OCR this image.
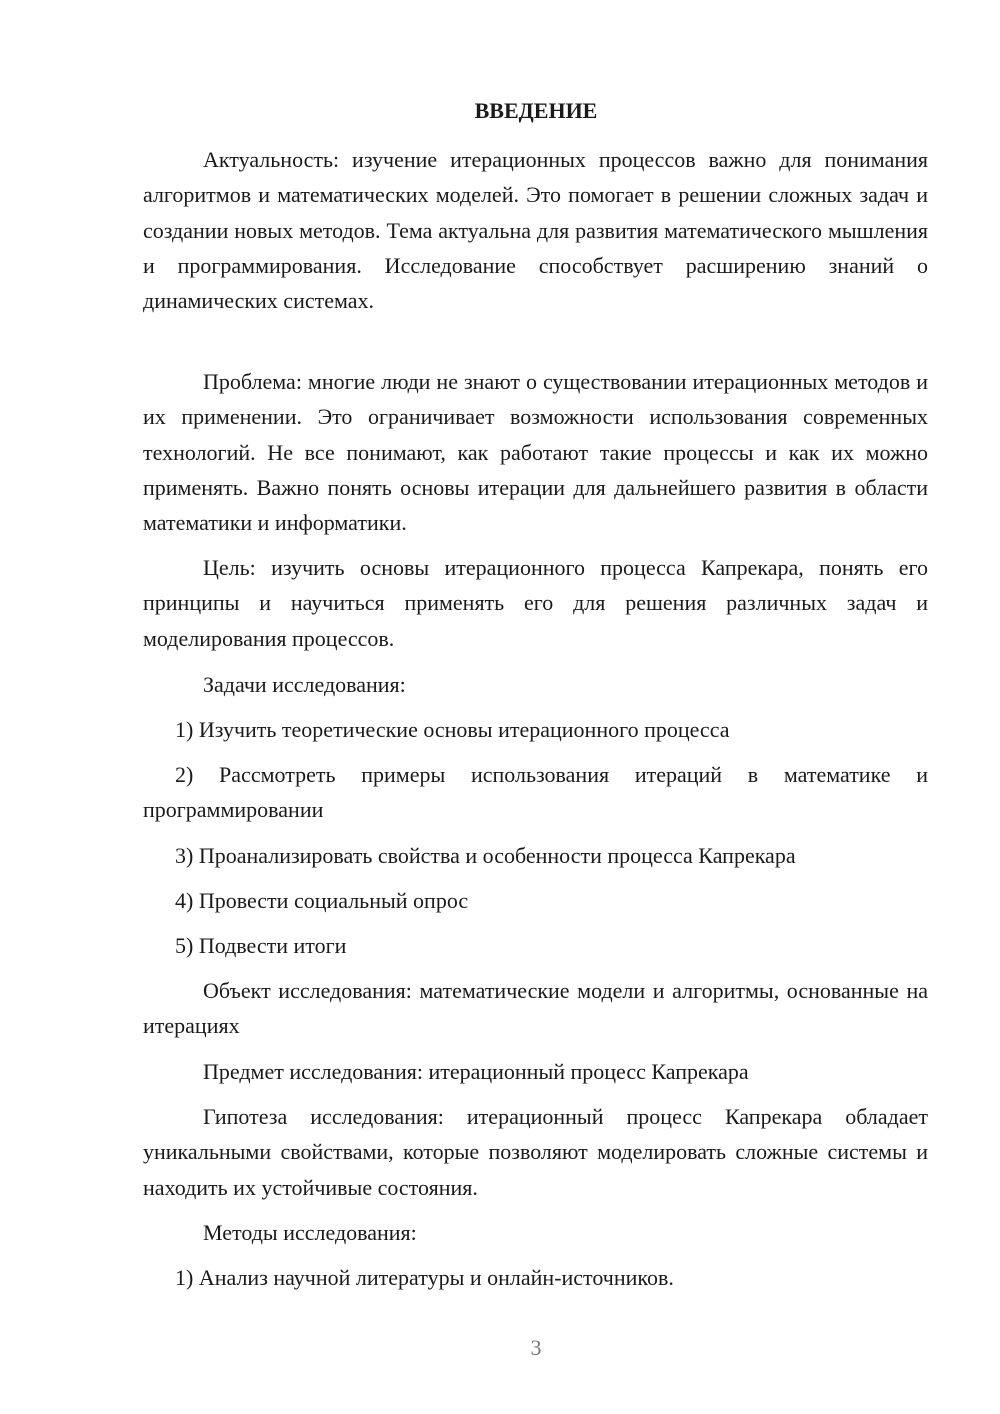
ВВЕДЕНИЕ

Актуальность: изучение итерационных процессов важно для понимания алгоритмов и математических моделей. Это помогает в решении сложных задач и создании новых методов. Тема актуальна для развития математического мышления и программирования. Исследование способствует расширению знаний о динамических системах.

Проблема: многие люди не знают о существовании итерационных методов и их применении. Это ограничивает возможности использования современных технологий. Не все понимают, как работают такие процессы и как их можно применять. Важно понять основы итерации для дальнейшего развития в области математики и информатики.

Цель: изучить основы итерационного процесса Капрекара, понять его принципы и научиться применять его для решения различных задач и моделирования процессов.

Задачи исследования:

1) Изучить теоретические основы итерационного процесса

2) Рассмотреть примеры использования итераций в математике и программировании

3) Проанализировать свойства и особенности процесса Капрекара

4) Провести социальный опрос

5) Подвести итоги

Объект исследования: математические модели и алгоритмы, основанные на итерациях

Предмет исследования: итерационный процесс Капрекара

Гипотеза исследования: итерационный процесс Капрекара обладает уникальными свойствами, которые позволяют моделировать сложные системы и находить их устойчивые состояния.

Методы исследования:

1) Анализ научной литературы и онлайн-источников.

3
